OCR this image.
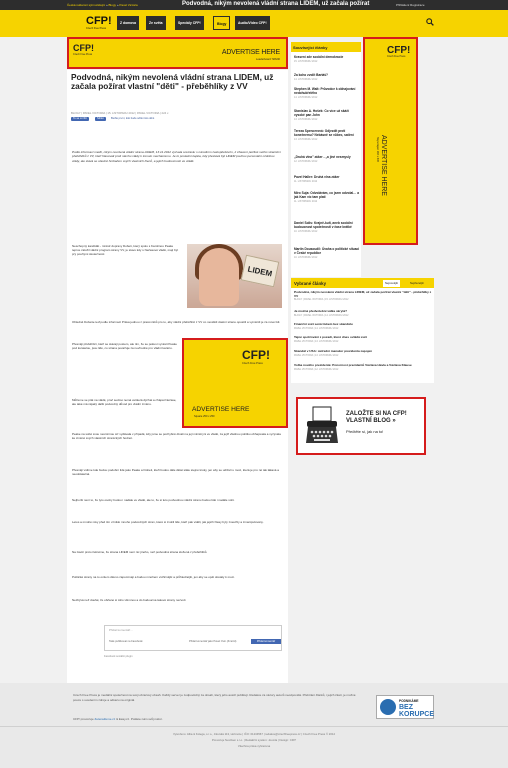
Česká reklamní sjzmuzidejní » Blogy » Pavel Victoria	Podvodná, nikým nevolená vládní strana LIDEM, už začala požírat	Přihlášení Registrace
CFP!
Czech Free Press
Z domova	Ze světa	Speciály CFP!	Blogy	Audio/Video CFP!
CFP!
Czech Free Press	ADVERTISE HERE
Leaderboard 728x90
Podvodná, nikým nevolená vládní strana LIDEM, už začala požírat vlastní "děti" - přeběhlíky z VV
BLOGY | PAVEL VICTORIA | 15. LISTOPADU 2012 | PAVEL VICTORIA | 224 x
To se mi líbí	Sdílet	Buďte první, kdo bude sdílet toto dění.
Podle informací médií, nikým nevolená vládní strana LIDEM, 13.11.2012 vyzvala současlu s národním zastupitelstvím, k zbavení pečlivé svého stranictví přeběhlíků z VV, kteří hlasovali proti návrhu vlády k tomuto mechanismu. Je to poslední kapka, kdy přestává být LIDEM pouhou personální ozdobou vlády, ale stává se vlastně hrobařem svých vlastních členů, a jejich budoucnosti ve vládě.
LIDEM
Neschopný kandidát - ministr dopravy Dobeš, který spolu s Karolínou Peake teprve založil vládní program strany VV, je stavu kdy s Nečasové vládě, mají být prý pouhými skutečností.
Ohledně Dobeše teď podle informací Práva jednou z pracovníků pro to, aby vládní přeběhlíci z VV co neviděli vlastní stranu opustili a vyměnili je za nové lidi.
Přesněji přeběhlíci, kteří se stávají postem, ale tím, že se pokusí vyvěsit Peake pod kuratelou, jsou lidé, co strana považuje za nevhodné pro vládní kariéru.
Můžeme se ptát na vládě, proč sedmé nemá veškerá dýchat a chápat Nečase, ale také má nějaký další podvodný důvod pro vládní změnu.
Peake na sobě svou nesmírnou síť vydávala v případě, kdy jsme se pochybně dívali na její ministryni ve vládě, za jejíž vládnou politiku obhajovala a vyzývala ke změně svých vlastních stranických hodnot.
Přesněji vidíme kde budou podobní lidé jako Peake a Dobeš, kteří budou dále dělat stále stejné kroky, jen aby se udrželi u moci, která je pro ně tak lákavá a neodolatelná.
Nejhorší není to, že tyto osoby budou i nadále ve vládě, ale to, že si tuto podvodnou vládní stranu budou lidé i nadále volit.
Letos a mnohé roky před tím vzniklo mnoho podvodných stran, které si zvolili lidé, kteří pak viděli, jak jejich hlasy byly zneužity a zmanipulovány.
Na závěr proto řekněme, že strana LIDEM není nic jiného, než podvodná strana složená z přeběhlíků.
Politické strany na to ovšem dávno zapomínají a budou mnohem vstřícnější a průhlednější, jen aby se opět dostaly k moci.
Nezbývá než doufat, že občané si toho všimnou a do budoucna takové strany nezvolí.
CFP!
Czech Free Press
ADVERTISE HERE
Square 250 x 250
Přidat komentář...
Také publikovat na Facebook	Přidat komentář jako Pavel Ovin (Změnit)	Přidat komentář
Facebook sociální plugin
Související články
Krasení zde sociální demokracie
15. LISTOPADU 2012
Za koho zvolit Bartáš?
14. LISTOPADU 2012
Stephen M. Walt: Průvodce k obhajování nedohubřelého
14. LISTOPADU 2012
Stanislav A. Hošek: Co více už skáčí vysoké pan John
13. LISTOPADU 2012
Tereza Spencerová: Odjezdit proti konečnemu? Nebásně se vůbec, satirní
13. LISTOPADU 2012
„Druhá vlna" záker - „a jiné nesmysly
12. LISTOPADU 2012
Pavel Haller: Druhá vlna záker
11. LISTOPADU 2012
Miro Suja: Odvolávám, co jsem odvolal… a jak Kam víc tam platí
11. LISTOPADU 2012
Daniel Solis: Krajně-kult, aneb sociální budoucnost společnosti v čase krátké
10. LISTOPADU 2012
Martin Dousoudil: Úvaha o politické situaci v České republice
10. LISTOPADU 2012
CFP!
Czech Free Press
ADVERTISE HERE
Skyscraper 160 x 600
Vybrané články	Nejnovější	Nejčtenější
Podvodná, nikým nevolená vládní strana LIDEM, už začala požírat vlastní "děti" - přeběhlíky z VV
BLOGY | PAVEL VICTORIA | 15. LISTOPADU 2012
Je možná předvolební válka skrytá?
BLOGY | PAVEL VICTORIA | 14. LISTOPADU 2012
Finanční svět sená tiskem bez skandálu
PAVEL VICTORIA | 14. LISTOPADU 2012
Tajné spolčování z pozadí, které dnes ovládá svět
PAVEL VICTORIA | 13. LISTOPADU 2012
Skandál v USA: ústřední manažer prezidenta zapojen
PAVEL VICTORIA | 13. LISTOPADU 2012
Volba nového prezidenta: Ponornost prezidentů Václava Havla a Václava Klause
PAVEL VICTORIA | 12. LISTOPADU 2012
ZALOŽTE SI NA CFP! VLASTNÍ BLOG »
Přečtěte si, jak na to!
Czech Free Press je mediální společnost na svoji obrazový obsah. Každý server je zodpovědný za obsah, který jeho autoři publikují. Redakce za názory autorů neodpovídá. Přebírání článků, i jejich částí, je možné pouze s uvedením zdroje a odkazu na originál.
CFP! provozuje ZelenaZeme.cz & Easy.cz. Pošlete nám svůj názor.
PODNIKÁME
BEZ KORUPCE
Vytvořeno: Alba & Kolega, s.r.o., Jílovská 113, Hořovice | IČO: 01234567 | redakce@czechfreepress.cz | Czech Free Press © 2012
Provozuje NextGen s.r.o. | Redakční systém: Joomla | Design: CFP!
Všechna práva vyhrazena
